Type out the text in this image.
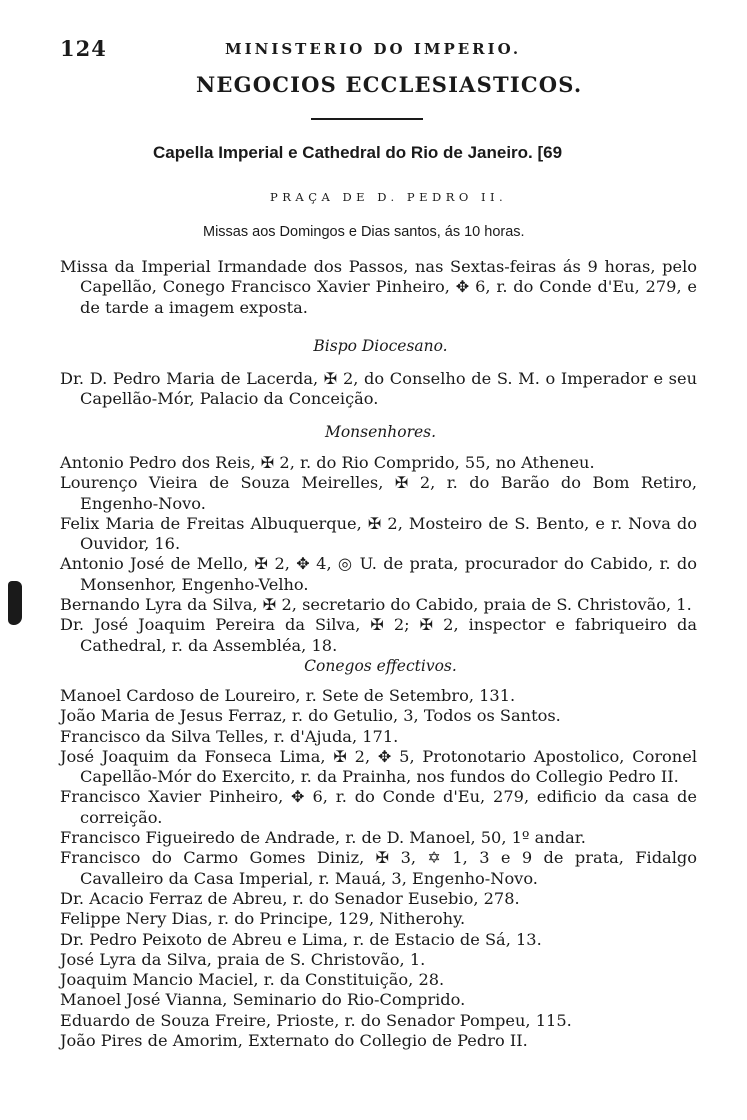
124	MINISTERIO DO IMPERIO.
NEGOCIOS ECCLESIASTICOS.
Capella Imperial e Cathedral do Rio de Janeiro. [69
PRAÇA DE D. PEDRO II.
Missas aos Domingos e Dias santos, ás 10 horas.

Missa da Imperial Irmandade dos Passos, nas Sextas-feiras ás 9 horas, pelo Capellão, Conego Francisco Xavier Pinheiro, ✥ 6, r. do Conde d'Eu, 279, e de tarde a imagem exposta.

Bispo Diocesano.

Dr. D. Pedro Maria de Lacerda, ✠ 2, do Conselho de S. M. o Imperador e seu Capellão-Mór, Palacio da Conceição.

Monsenhores.

Antonio Pedro dos Reis, ✠ 2, r. do Rio Comprido, 55, no Atheneu.

Lourenço Vieira de Souza Meirelles, ✠ 2, r. do Barão do Bom Retiro, Engenho-Novo.

Felix Maria de Freitas Albuquerque, ✠ 2, Mosteiro de S. Bento, e r. Nova do Ouvidor, 16.

Antonio José de Mello, ✠ 2, ✥ 4, ◎ U. de prata, procurador do Cabido, r. do Monsenhor, Engenho-Velho.

Bernando Lyra da Silva, ✠ 2, secretario do Cabido, praia de S. Christovão, 1.

Dr. José Joaquim Pereira da Silva, ✠ 2; ✠ 2, inspector e fabriqueiro da Cathedral, r. da Assembléa, 18.

Conegos effectivos.

Manoel Cardoso de Loureiro, r. Sete de Setembro, 131.

João Maria de Jesus Ferraz, r. do Getulio, 3, Todos os Santos.

Francisco da Silva Telles, r. d'Ajuda, 171.

José Joaquim da Fonseca Lima, ✠ 2, ✥ 5, Protonotario Apostolico, Coronel Capellão-Mór do Exercito, r. da Prainha, nos fundos do Collegio Pedro II.

Francisco Xavier Pinheiro, ✥ 6, r. do Conde d'Eu, 279, edificio da casa de correição.

Francisco Figueiredo de Andrade, r. de D. Manoel, 50, 1º andar.

Francisco do Carmo Gomes Diniz, ✠ 3, ✡ 1, 3 e 9 de prata, Fidalgo Cavalleiro da Casa Imperial, r. Mauá, 3, Engenho-Novo.

Dr. Acacio Ferraz de Abreu, r. do Senador Eusebio, 278.

Felippe Nery Dias, r. do Principe, 129, Nitherohy.

Dr. Pedro Peixoto de Abreu e Lima, r. de Estacio de Sá, 13.

José Lyra da Silva, praia de S. Christovão, 1.

Joaquim Mancio Maciel, r. da Constituição, 28.

Manoel José Vianna, Seminario do Rio-Comprido.

Eduardo de Souza Freire, Prioste, r. do Senador Pompeu, 115.

João Pires de Amorim, Externato do Collegio de Pedro II.
